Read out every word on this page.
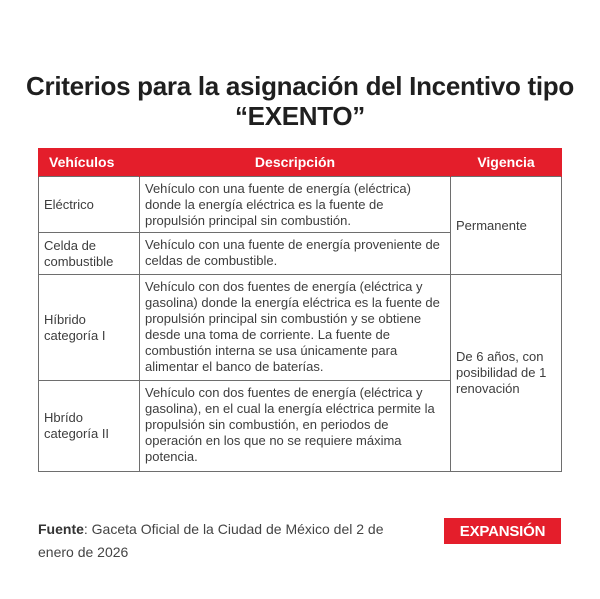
Criterios para la asignación del Incentivo tipo “EXENTO”
Vehículos	Descripción	Vigencia
Eléctrico	Vehículo con una fuente de energía (eléctrica) donde la energía eléctrica es la fuente de propulsión principal sin combustión.	Permanente
Celda de combustible	Vehículo con una fuente de energía proveniente de celdas de combustible.	
Híbrido categoría I	Vehículo con dos fuentes de energía (eléctrica y gasolina) donde la energía eléctrica es la fuente de propulsión principal sin combustión y se obtiene desde una toma de corriente. La fuente de combustión interna se usa únicamente para alimentar el banco de baterías.	De 6 años, con posibilidad de 1 renovación
Hbrído categoría II	Vehículo con dos fuentes de energía (eléctrica y gasolina), en el cual la energía eléctrica permite la propulsión sin combustión, en periodos de operación en los que no se requiere máxima potencia.	
Fuente: Gaceta Oficial de la Ciudad de México del 2 de enero de 2026
EXPANSIÓN
